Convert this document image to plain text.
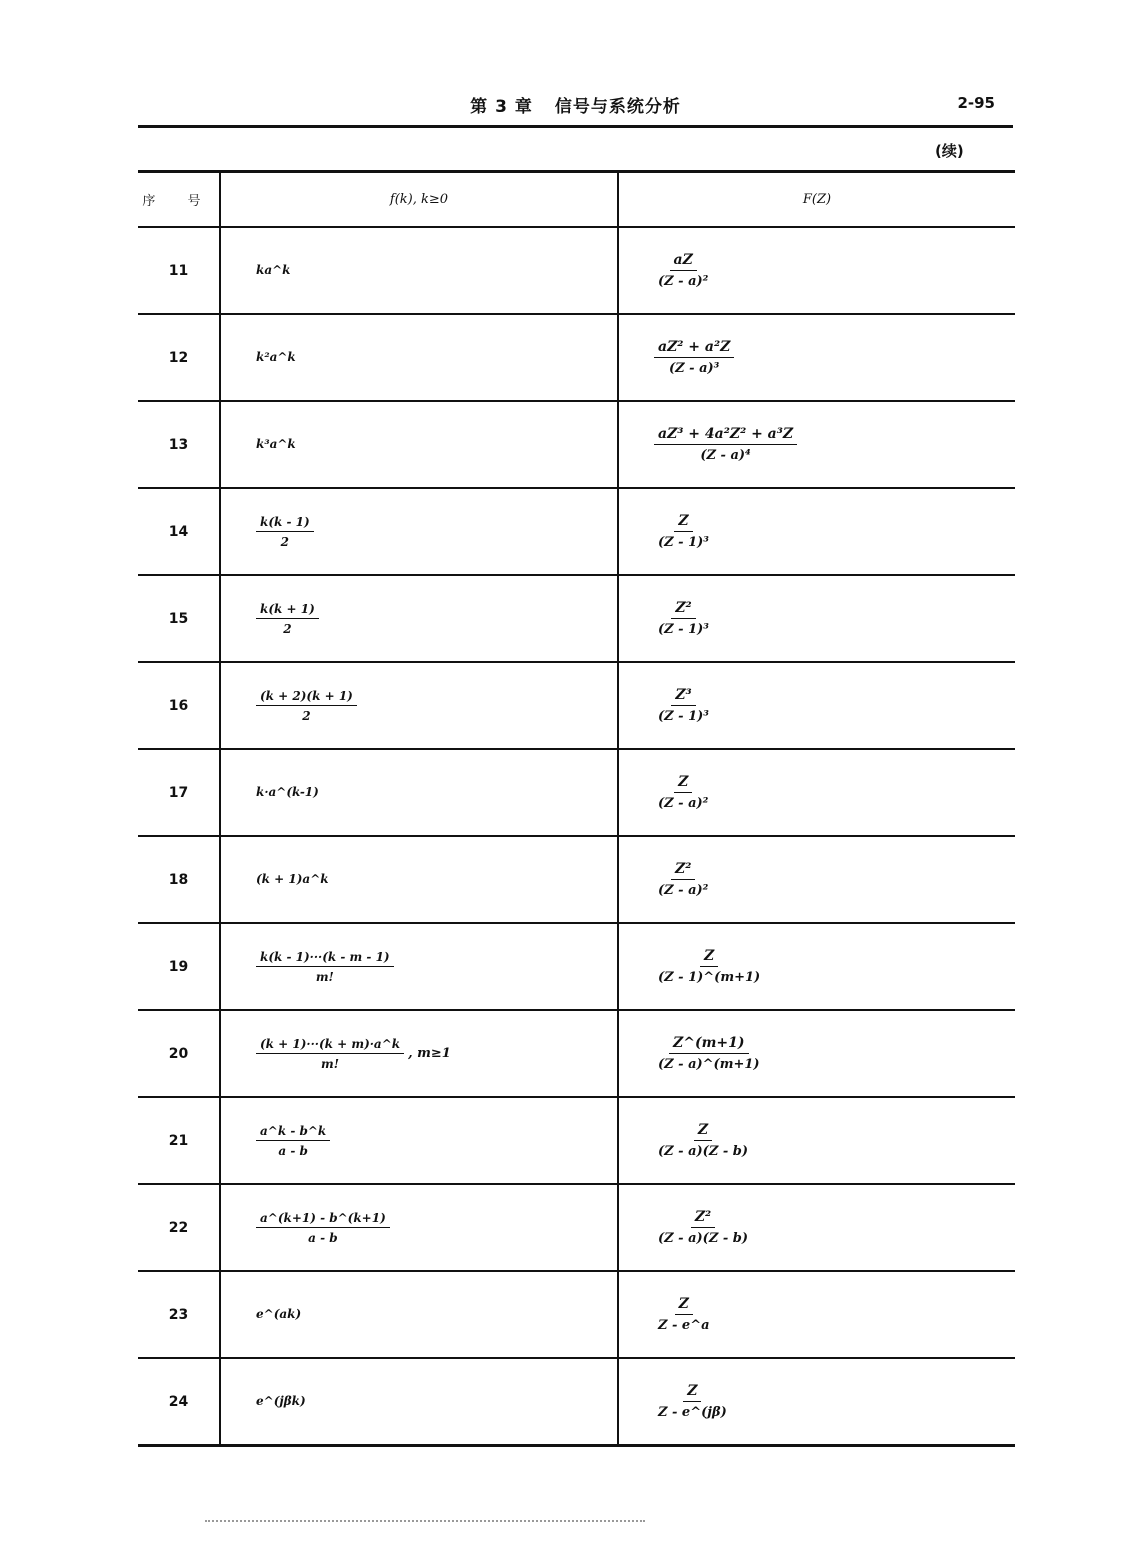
第 3 章 信号与系统分析	2-95
(续)
序 号	f(k), k≥0	F(Z)
11	ka^k	$\frac{aZ}{\text{(Z - a)²}}$

12	k²a^k	$\frac{\text{aZ² + a²Z}}{\text{(Z - a)³}}$

13	k³a^k	$\frac{\text{aZ³ + 4a²Z² + a³Z}}{\text{(Z - a)⁴}}$

14	$\frac{k(k - 1)}{2}$	$\frac{Z}{\text{(Z - 1)³}}$

15	$\frac{k(k + 1)}{2}$	$\frac{\text{Z²}}{\text{(Z - 1)³}}$

16	$\frac{(k + 2)(k + 1)}{2}$	$\frac{\text{Z³}}{\text{(Z - 1)³}}$

17	k·a^(k-1)	$\frac{Z}{\text{(Z - a)²}}$

18	(k + 1)a^k	$\frac{\text{Z²}}{\text{(Z - a)²}}$

19	$\frac{k(k - 1)\cdot\cdot\cdot(k - m - 1)}{m!}$	$\frac{Z}{(Z - 1)\^{}(m+1)}$

20	$\frac{(k + 1)\cdot\cdot\cdot(k + m)\cdot a\^{}k}{m!}$ , m≥1	$\frac{Z\^{}(m+1)}{(Z - a)\^{}(m+1)}$

21	$\frac{a\^{}k - b\^{}k}{a - b}$	$\frac{Z}{(Z - a)(Z - b)}$

22	$\frac{a\^{}(k+1) - b\^{}(k+1)}{a - b}$	$\frac{\text{Z²}}{(Z - a)(Z - b)}$

23	e^(ak)	$\frac{Z}{Z - e\^{}a}$

24	e^(jβk)	$\frac{Z}{Z - e\^{}(j\beta)}$
